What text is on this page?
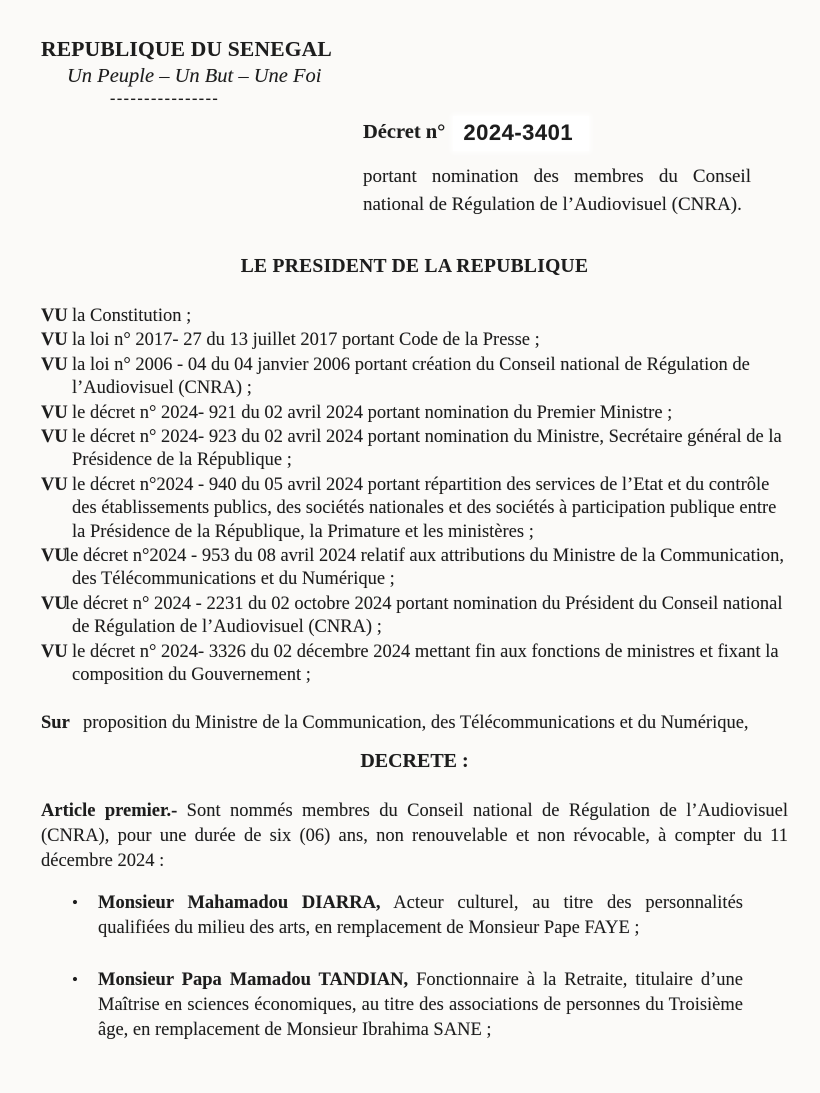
REPUBLIQUE DU SENEGAL
Un Peuple – Un But – Une Foi
----------------
Décret n° 2024-3401

portant nomination des membres du Conseil national de Régulation de l’Audiovisuel (CNRA).

LE PRESIDENT DE LA REPUBLIQUE

VU la Constitution ;

VU la loi n° 2017- 27 du 13 juillet 2017 portant Code de la Presse ;

VU la loi n° 2006 - 04 du 04 janvier 2006 portant création du Conseil national de Régulation de l’Audiovisuel (CNRA) ;

VU le décret n° 2024- 921 du 02 avril 2024 portant nomination du Premier Ministre ;

VU le décret n° 2024- 923 du 02 avril 2024 portant nomination du Ministre, Secrétaire général de la Présidence de la République ;

VU le décret n°2024 - 940 du 05 avril 2024 portant répartition des services de l’Etat et du contrôle des établissements publics, des sociétés nationales et des sociétés à participation publique entre la Présidence de la République, la Primature et les ministères ;

VUle décret n°2024 - 953 du 08 avril 2024 relatif aux attributions du Ministre de la Communication, des Télécommunications et du Numérique ;

VUle décret n° 2024 - 2231 du 02 octobre 2024 portant nomination du Président du Conseil national de Régulation de l’Audiovisuel (CNRA) ;

VU le décret n° 2024- 3326 du 02 décembre 2024 mettant fin aux fonctions de ministres et fixant la composition du Gouvernement ;

Sur proposition du Ministre de la Communication, des Télécommunications et du Numérique,

DECRETE :

Article premier.- Sont nommés membres du Conseil national de Régulation de l’Audiovisuel (CNRA), pour une durée de six (06) ans, non renouvelable et non révocable, à compter du 11 décembre 2024 :

• Monsieur Mahamadou DIARRA, Acteur culturel, au titre des personnalités qualifiées du milieu des arts, en remplacement de Monsieur Pape FAYE ;
• Monsieur Papa Mamadou TANDIAN, Fonctionnaire à la Retraite, titulaire d’une Maîtrise en sciences économiques, au titre des associations de personnes du Troisième âge, en remplacement de Monsieur Ibrahima SANE ;
